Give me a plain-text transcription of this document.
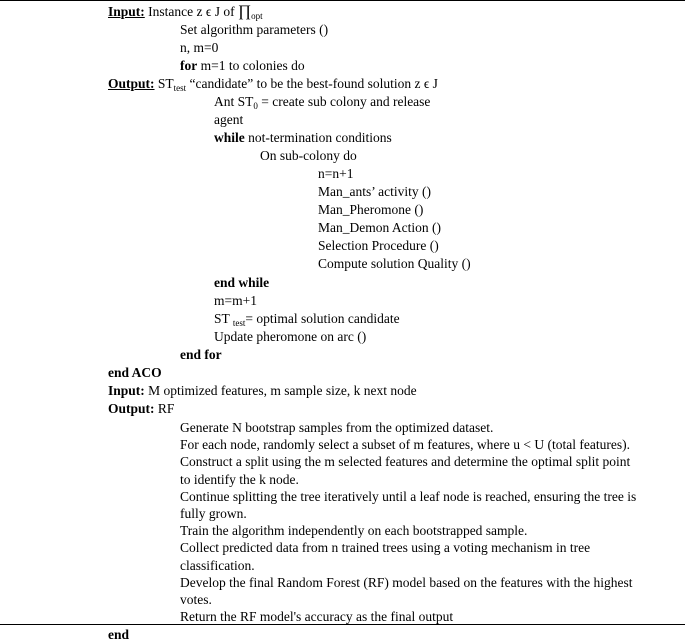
Input: Instance z ϵ J of $\prod_{opt}$
Set algorithm parameters ()
n, m=0
for m=1 to colonies do
Output: $ST_{test}$ “candidate” to be the best-found solution z ϵ J
Ant $ST_0$ = create sub colony and release
agent
while not-termination conditions
On sub-colony do
n=n+1
Man_ants’ activity ()
Man_Pheromone ()
Man_Demon Action ()
Selection Procedure ()
Compute solution Quality ()
end while
m=m+1
ST $_{test}$= optimal solution candidate
Update pheromone on arc ()
end for
end ACO
Input: M optimized features, m sample size, k next node
Output: RF
Generate N bootstrap samples from the optimized dataset.
For each node, randomly select a subset of m features, where u < U (total features).
Construct a split using the m selected features and determine the optimal split point
to identify the k node.
Continue splitting the tree iteratively until a leaf node is reached, ensuring the tree is
fully grown.
Train the algorithm independently on each bootstrapped sample.
Collect predicted data from n trained trees using a voting mechanism in tree
classification.
Develop the final Random Forest (RF) model based on the features with the highest
votes.
end
Return the RF model's accuracy as the final output
